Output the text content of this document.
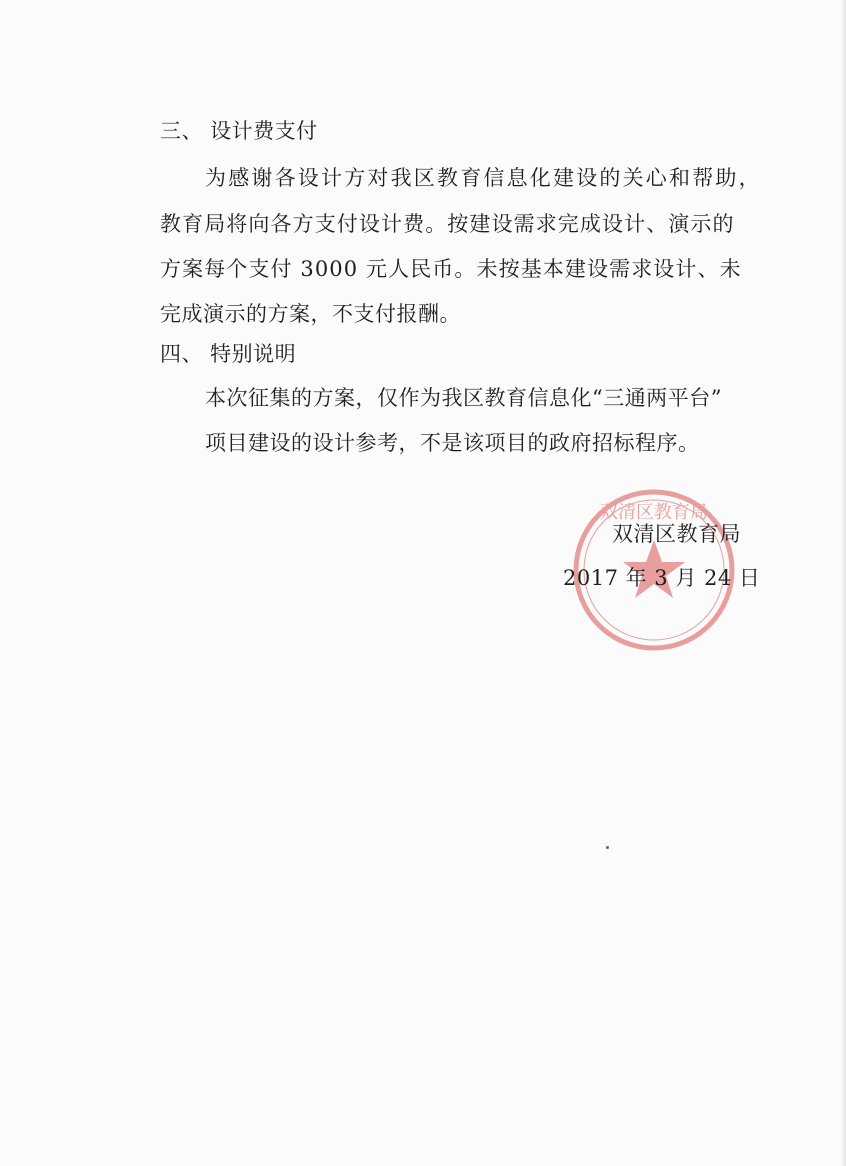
三、 设计费支付
为感谢各设计方对我区教育信息化建设的关心和帮助，
教育局将向各方支付设计费。按建设需求完成设计、演示的
方案每个支付 3000 元人民币。未按基本建设需求设计、未
完成演示的方案，不支付报酬。
四、 特别说明
本次征集的方案，仅作为我区教育信息化“三通两平台”
项目建设的设计参考，不是该项目的政府招标程序。
双清区教育局
双清区教育局
2017 年 3 月 24 日
